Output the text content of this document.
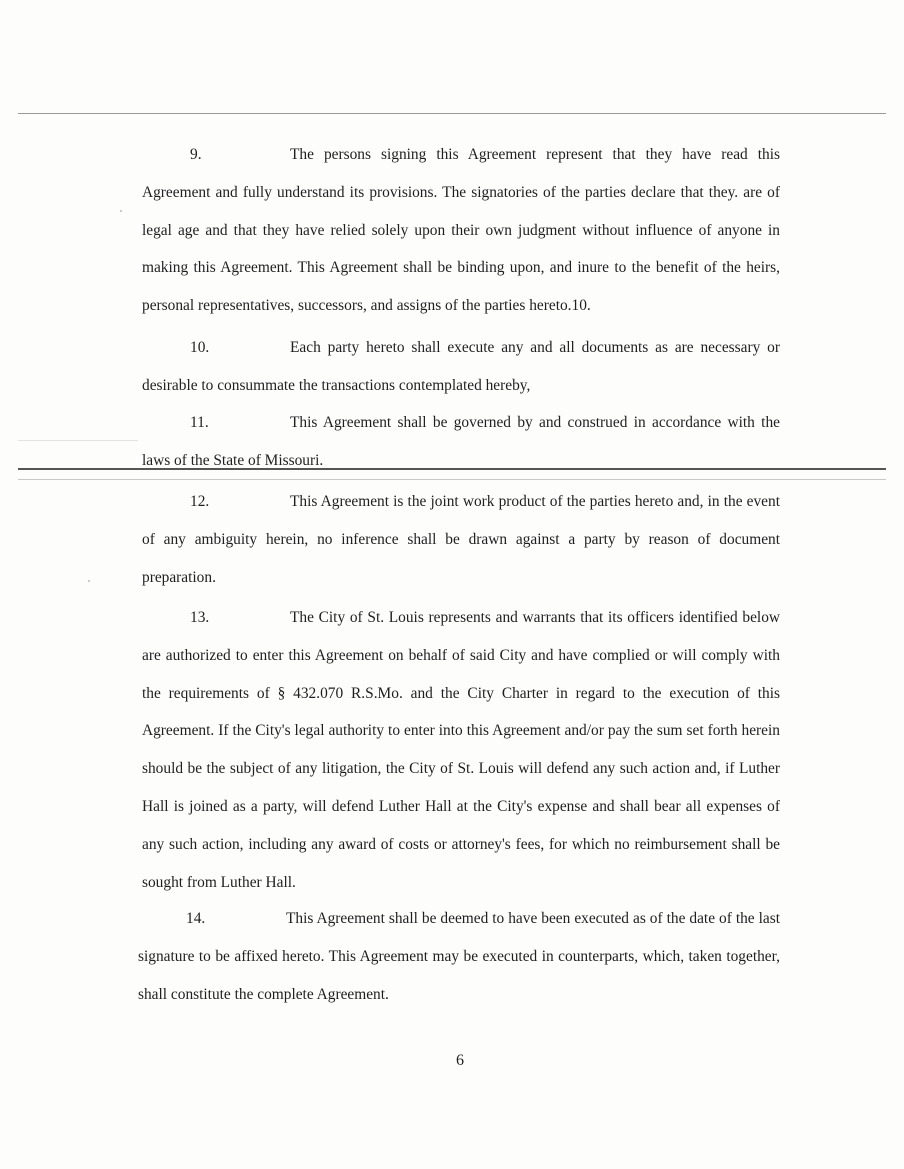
9.	The persons signing this Agreement represent that they have read this Agreement and fully understand its provisions. The signatories of the parties declare that they. are of legal age and that they have relied solely upon their own judgment without influence of anyone in making this Agreement. This Agreement shall be binding upon, and inure to the benefit of the heirs, personal representatives, successors, and assigns of the parties hereto.10.

10.	Each party hereto shall execute any and all documents as are necessary or desirable to consummate the transactions contemplated hereby,

11.	This Agreement shall be governed by and construed in accordance with the laws of the State of Missouri.

12.	This Agreement is the joint work product of the parties hereto and, in the event of any ambiguity herein, no inference shall be drawn against a party by reason of document preparation.

13.	The City of St. Louis represents and warrants that its officers identified below are authorized to enter this Agreement on behalf of said City and have complied or will comply with the requirements of § 432.070 R.S.Mo. and the City Charter in regard to the execution of this Agreement. If the City's legal authority to enter into this Agreement and/or pay the sum set forth herein should be the subject of any litigation, the City of St. Louis will defend any such action and, if Luther Hall is joined as a party, will defend Luther Hall at the City's expense and shall bear all expenses of any such action, including any award of costs or attorney's fees, for which no reimbursement shall be sought from Luther Hall.

14.	This Agreement shall be deemed to have been executed as of the date of the last signature to be affixed hereto. This Agreement may be executed in counterparts, which, taken together, shall constitute the complete Agreement.

6
